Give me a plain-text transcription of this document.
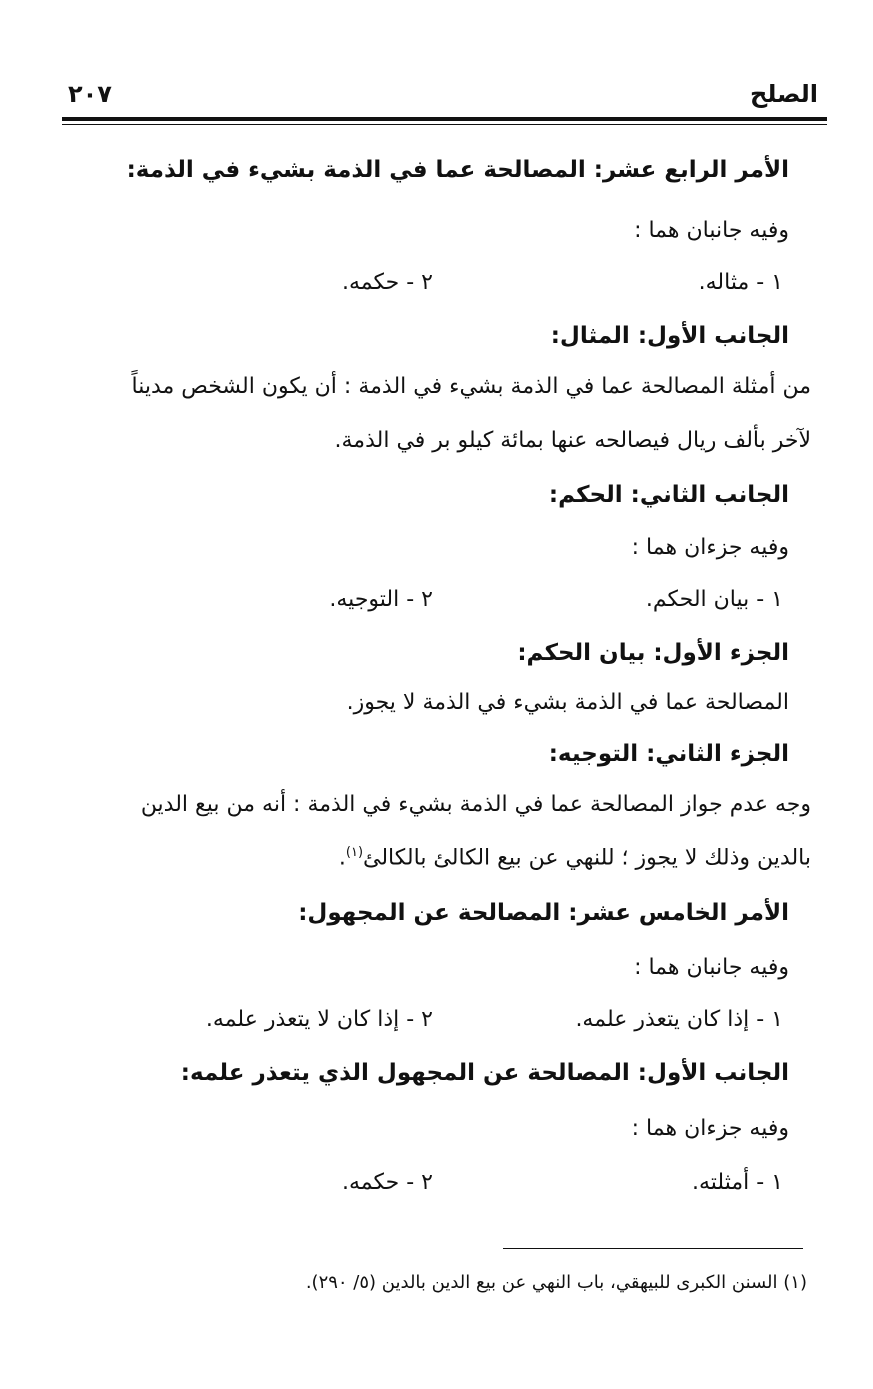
الصلح
٢٠٧
الأمر الرابع عشر: المصالحة عما في الذمة بشيء في الذمة:
وفيه جانبان هما :
١ - مثاله.
٢ - حكمه.
الجانب الأول: المثال:
من أمثلة المصالحة عما في الذمة بشيء في الذمة : أن يكون الشخص مديناً
لآخر بألف ريال فيصالحه عنها بمائة كيلو بر في الذمة.
الجانب الثاني: الحكم:
وفيه جزءان هما :
١ - بيان الحكم.
٢ - التوجيه.
الجزء الأول: بيان الحكم:
المصالحة عما في الذمة بشيء في الذمة لا يجوز.
الجزء الثاني: التوجيه:
وجه عدم جواز المصالحة عما في الذمة بشيء في الذمة : أنه من بيع الدين
بالدين وذلك لا يجوز ؛ للنهي عن بيع الكالئ بالكالئ$^{(١)}$.
الأمر الخامس عشر: المصالحة عن المجهول:
وفيه جانبان هما :
١ - إذا كان يتعذر علمه.
٢ - إذا كان لا يتعذر علمه.
الجانب الأول: المصالحة عن المجهول الذي يتعذر علمه:
وفيه جزءان هما :
١ - أمثلته.
٢ - حكمه.
(١) السنن الكبرى للبيهقي، باب النهي عن بيع الدين بالدين (٥/ ٢٩٠).
